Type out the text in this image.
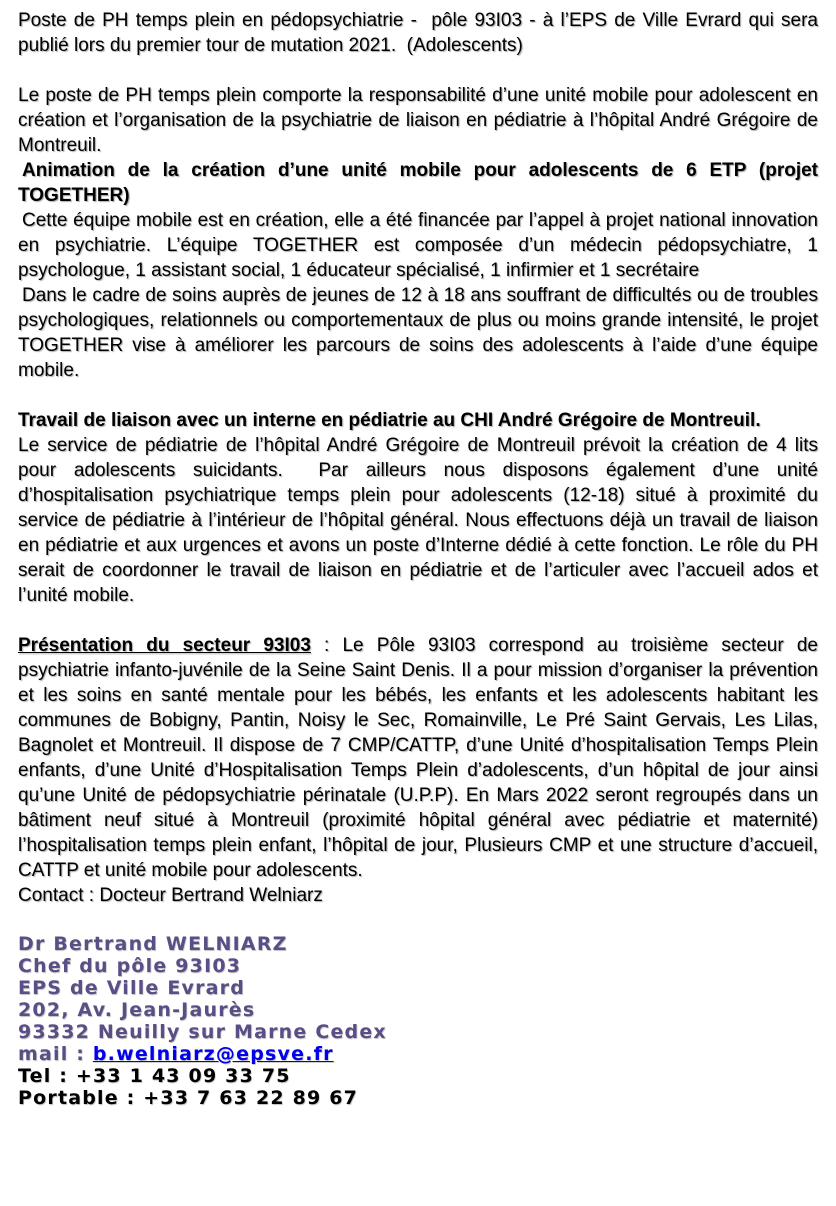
Poste de PH temps plein en pédopsychiatrie -  pôle 93I03 - à l’EPS de Ville Evrard qui sera publié lors du premier tour de mutation 2021.  (Adolescents)

Le poste de PH temps plein comporte la responsabilité d’une unité mobile pour adolescent en création et l’organisation de la psychiatrie de liaison en pédiatrie à l’hôpital André Grégoire de Montreuil.

Animation de la création d’une unité mobile pour adolescents de 6 ETP (projet TOGETHER)

Cette équipe mobile est en création, elle a été financée par l’appel à projet national innovation en psychiatrie. L’équipe TOGETHER est composée d’un médecin pédopsychiatre, 1 psychologue, 1 assistant social, 1 éducateur spécialisé, 1 infirmier et 1 secrétaire

Dans le cadre de soins auprès de jeunes de 12 à 18 ans souffrant de difficultés ou de troubles psychologiques, relationnels ou comportementaux de plus ou moins grande intensité, le projet TOGETHER vise à améliorer les parcours de soins des adolescents à l’aide d’une équipe mobile.

Travail de liaison avec un interne en pédiatrie au CHI André Grégoire de Montreuil.

Le service de pédiatrie de l’hôpital André Grégoire de Montreuil prévoit la création de 4 lits pour adolescents suicidants.  Par ailleurs nous disposons également d’une unité d’hospitalisation psychiatrique temps plein pour adolescents (12-18) situé à proximité du service de pédiatrie à l’intérieur de l’hôpital général. Nous effectuons déjà un travail de liaison en pédiatrie et aux urgences et avons un poste d’Interne dédié à cette fonction. Le rôle du PH serait de coordonner le travail de liaison en pédiatrie et de l’articuler avec l’accueil ados et l’unité mobile.

Présentation du secteur 93I03 : Le Pôle 93I03 correspond au troisième secteur de psychiatrie infanto-juvénile de la Seine Saint Denis. Il a pour mission d’organiser la prévention et les soins en santé mentale pour les bébés, les enfants et les adolescents habitant les communes de Bobigny, Pantin, Noisy le Sec, Romainville, Le Pré Saint Gervais, Les Lilas, Bagnolet et Montreuil. Il dispose de 7 CMP/CATTP, d’une Unité d’hospitalisation Temps Plein enfants, d’une Unité d’Hospitalisation Temps Plein d’adolescents, d’un hôpital de jour ainsi qu’une Unité de pédopsychiatrie périnatale (U.P.P). En Mars 2022 seront regroupés dans un bâtiment neuf situé à Montreuil (proximité hôpital général avec pédiatrie et maternité) l’hospitalisation temps plein enfant, l’hôpital de jour, Plusieurs CMP et une structure d’accueil, CATTP et unité mobile pour adolescents.

Contact : Docteur Bertrand Welniarz

Dr Bertrand WELNIARZ
Chef du pôle 93I03
EPS de Ville Evrard
202, Av. Jean-Jaurès
93332 Neuilly sur Marne Cedex
mail : b.welniarz@epsve.fr
Tel : +33 1 43 09 33 75
Portable : +33 7 63 22 89 67
